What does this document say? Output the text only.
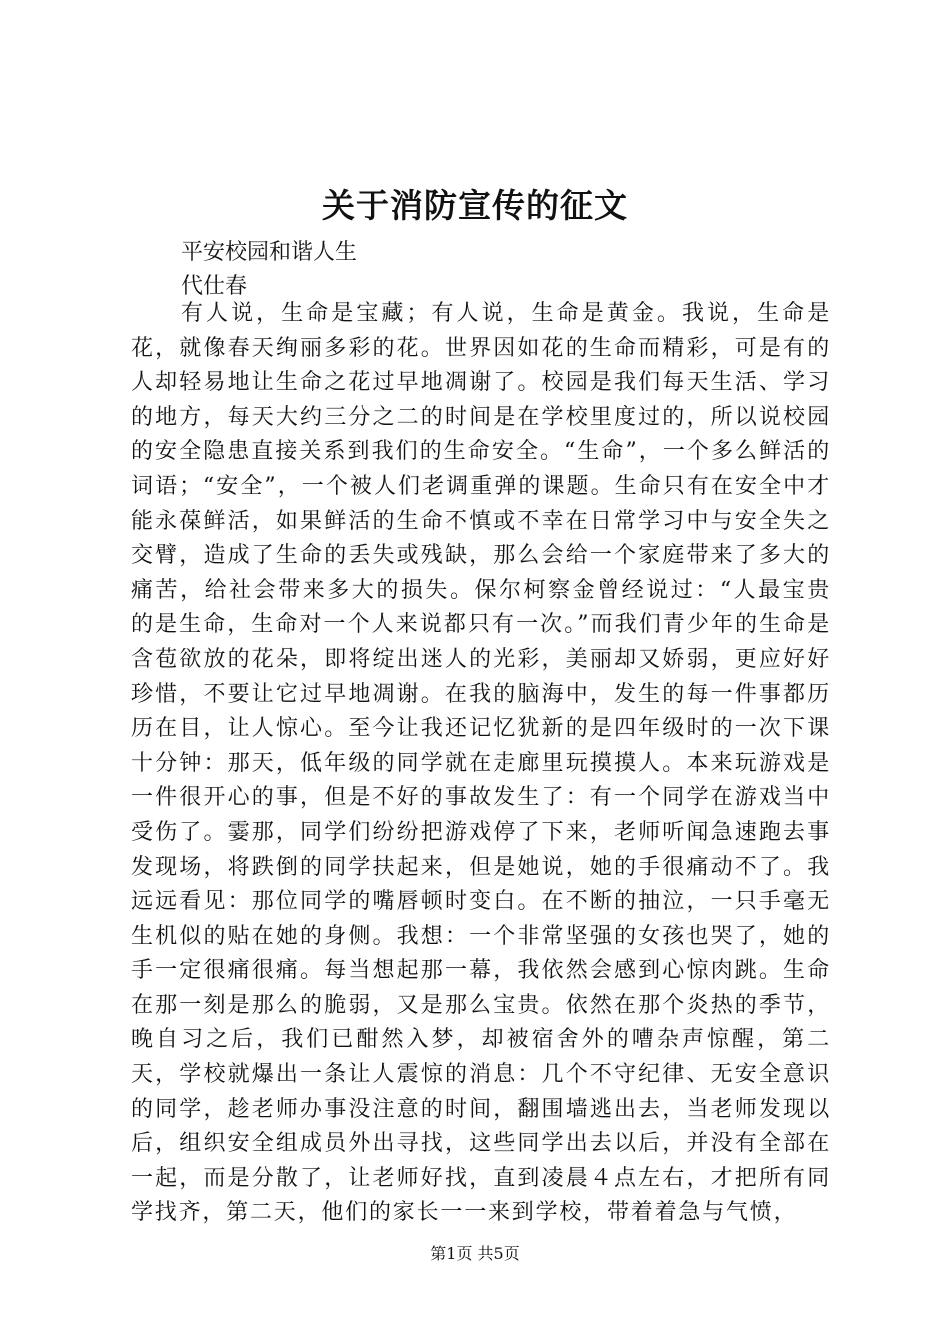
关于消防宣传的征文
平安校园和谐人生
代仕春

有人说，生命是宝藏；有人说，生命是黄金。我说，生命是花，就像春天绚丽多彩的花。世界因如花的生命而精彩，可是有的人却轻易地让生命之花过早地凋谢了。校园是我们每天生活、学习的地方，每天大约三分之二的时间是在学校里度过的，所以说校园的安全隐患直接关系到我们的生命安全。“生命”，一个多么鲜活的词语；“安全”，一个被人们老调重弹的课题。生命只有在安全中才能永葆鲜活，如果鲜活的生命不慎或不幸在日常学习中与安全失之交臂，造成了生命的丢失或残缺，那么会给一个家庭带来了多大的痛苦，给社会带来多大的损失。保尔柯察金曾经说过：“人最宝贵的是生命，生命对一个人来说都只有一次。”而我们青少年的生命是含苞欲放的花朵，即将绽出迷人的光彩，美丽却又娇弱，更应好好珍惜，不要让它过早地凋谢。在我的脑海中，发生的每一件事都历历在目，让人惊心。至今让我还记忆犹新的是四年级时的一次下课十分钟：那天，低年级的同学就在走廊里玩摸摸人。本来玩游戏是一件很开心的事，但是不好的事故发生了：有一个同学在游戏当中受伤了。霎那，同学们纷纷把游戏停了下来，老师听闻急速跑去事发现场，将跌倒的同学扶起来，但是她说，她的手很痛动不了。我远远看见：那位同学的嘴唇顿时变白。在不断的抽泣，一只手毫无生机似的贴在她的身侧。我想：一个非常坚强的女孩也哭了，她的手一定很痛很痛。每当想起那一幕，我依然会感到心惊肉跳。生命在那一刻是那么的脆弱，又是那么宝贵。依然在那个炎热的季节，晚自习之后，我们已酣然入梦，却被宿舍外的嘈杂声惊醒，第二天，学校就爆出一条让人震惊的消息：几个不守纪律、无安全意识的同学，趁老师办事没注意的时间，翻围墙逃出去，当老师发现以后，组织安全组成员外出寻找，这些同学出去以后，并没有全部在一起，而是分散了，让老师好找，直到凌晨４点左右，才把所有同学找齐，第二天，他们的家长一一来到学校，带着着急与气愤，

第1页 共5页
